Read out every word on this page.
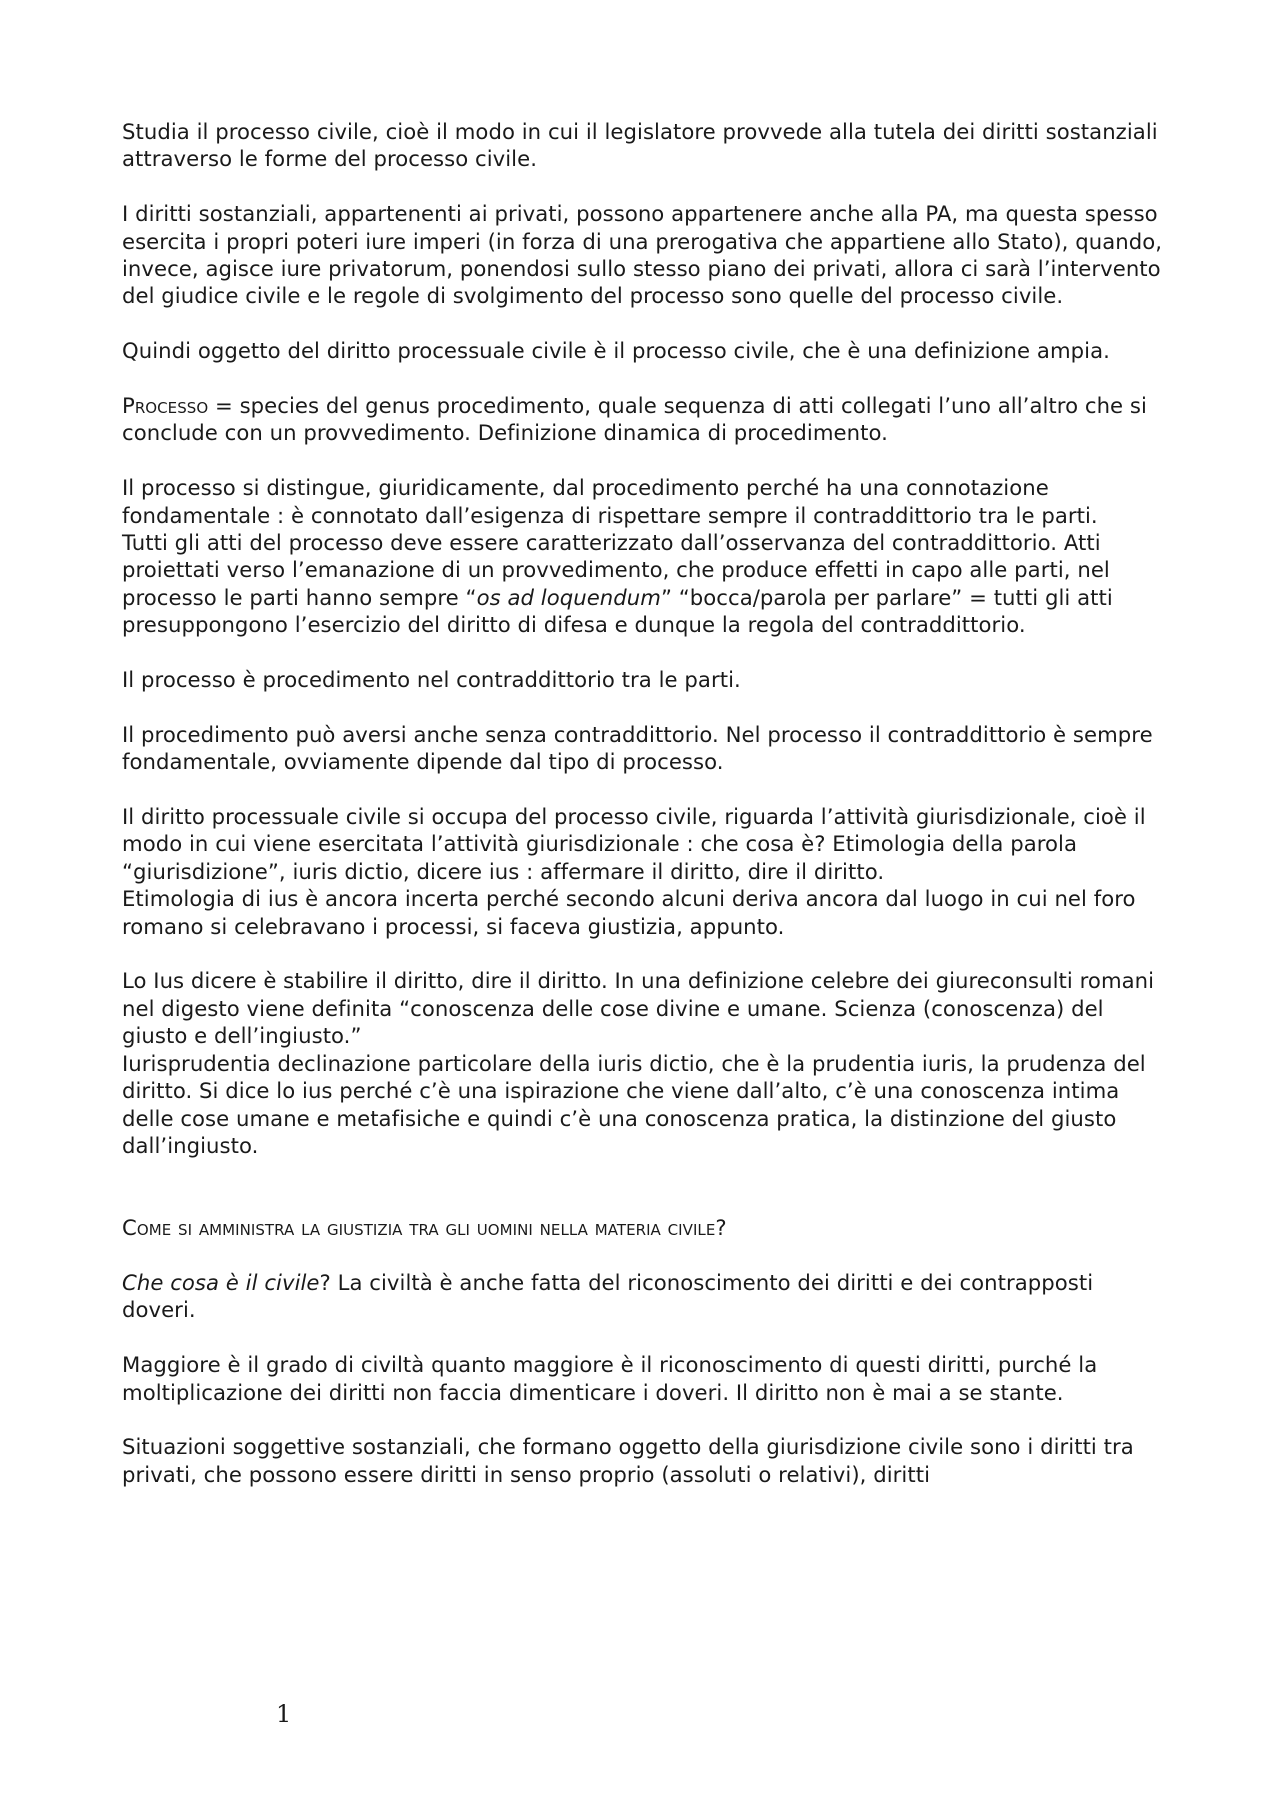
Studia il processo civile, cioè il modo in cui il legislatore provvede alla tutela dei diritti sostanziali attraverso le forme del processo civile.

I diritti sostanziali, appartenenti ai privati, possono appartenere anche alla PA, ma questa spesso esercita i propri poteri iure imperi (in forza di una prerogativa che appartiene allo Stato), quando, invece, agisce iure privatorum, ponendosi sullo stesso piano dei privati, allora ci sarà l’intervento del giudice civile e le regole di svolgimento del processo sono quelle del processo civile.

Quindi oggetto del diritto processuale civile è il processo civile, che è una definizione ampia.

Processo = species del genus procedimento, quale sequenza di atti collegati l’uno all’altro che si conclude con un provvedimento. Definizione dinamica di procedimento.

Il processo si distingue, giuridicamente, dal procedimento perché ha una connotazione fondamentale : è connotato dall’esigenza di rispettare sempre il contraddittorio tra le parti.

Tutti gli atti del processo deve essere caratterizzato dall’osservanza del contraddittorio. Atti proiettati verso l’emanazione di un provvedimento, che produce effetti in capo alle parti, nel processo le parti hanno sempre “os ad loquendum” “bocca/parola per parlare” = tutti gli atti presuppongono l’esercizio del diritto di difesa e dunque la regola del contraddittorio.

Il processo è procedimento nel contraddittorio tra le parti.

Il procedimento può aversi anche senza contraddittorio. Nel processo il contraddittorio è sempre fondamentale, ovviamente dipende dal tipo di processo.

Il diritto processuale civile si occupa del processo civile, riguarda l’attività giurisdizionale, cioè il modo in cui viene esercitata l’attività giurisdizionale : che cosa è? Etimologia della parola “giurisdizione”, iuris dictio, dicere ius : affermare il diritto, dire il diritto.

Etimologia di ius è ancora incerta perché secondo alcuni deriva ancora dal luogo in cui nel foro romano si celebravano i processi, si faceva giustizia, appunto.

Lo Ius dicere è stabilire il diritto, dire il diritto. In una definizione celebre dei giureconsulti romani nel digesto viene definita “conoscenza delle cose divine e umane. Scienza (conoscenza) del giusto e dell’ingiusto.”

Iurisprudentia declinazione particolare della iuris dictio, che è la prudentia iuris, la prudenza del diritto. Si dice lo ius perché c’è una ispirazione che viene dall’alto, c’è una conoscenza intima delle cose umane e metafisiche e quindi c’è una conoscenza pratica, la distinzione del giusto dall’ingiusto.

Come si amministra la giustizia tra gli uomini nella materia civile?

Che cosa è il civile? La civiltà è anche fatta del riconoscimento dei diritti e dei contrapposti doveri.

Maggiore è il grado di civiltà quanto maggiore è il riconoscimento di questi diritti, purché la moltiplicazione dei diritti non faccia dimenticare i doveri. Il diritto non è mai a se stante.

Situazioni soggettive sostanziali, che formano oggetto della giurisdizione civile sono i diritti tra privati, che possono essere diritti in senso proprio (assoluti o relativi), diritti

1
